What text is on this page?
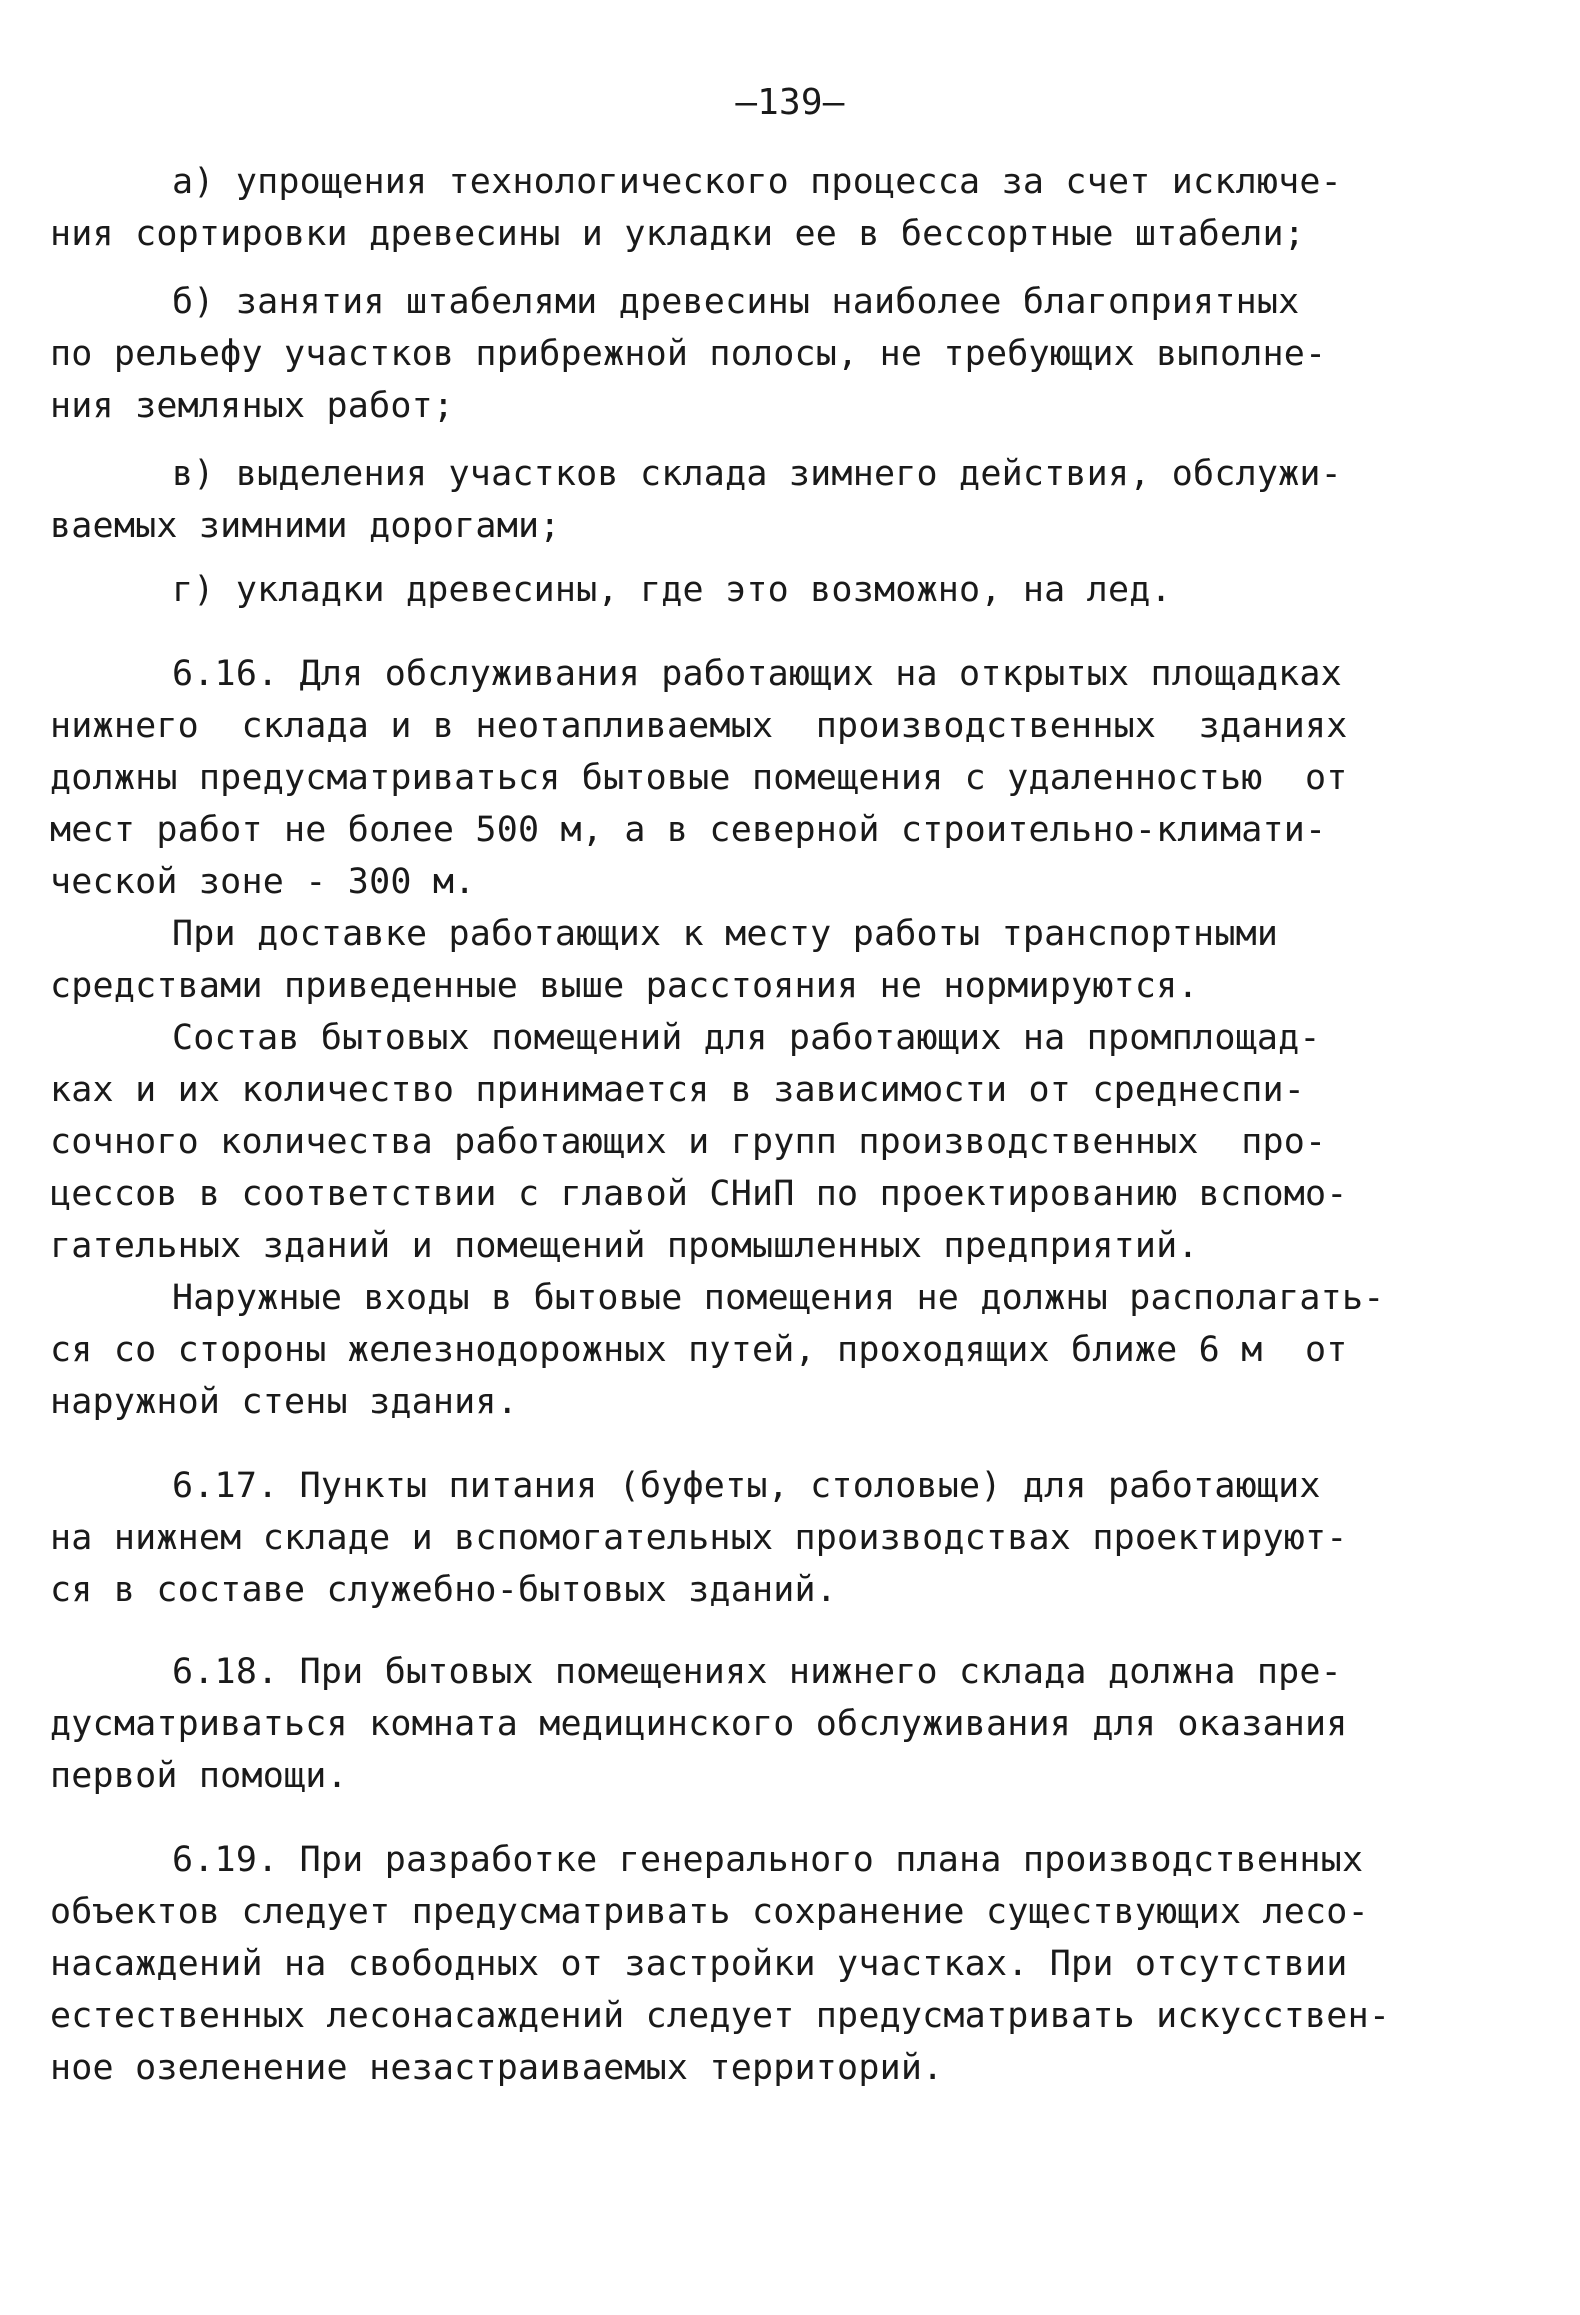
—139—
а) упрощения технологического процесса за счет исключе-
ния сортировки древесины и укладки ее в бессортные штабели;
б) занятия штабелями древесины наиболее благоприятных
по рельефу участков прибрежной полосы, не требующих выполне-
ния земляных работ;
в) выделения участков склада зимнего действия, обслужи-
ваемых зимними дорогами;
г) укладки древесины, где это возможно, на лед.
6.16. Для обслуживания работающих на открытых площадках
нижнего  склада и в неотапливаемых  производственных  зданиях
должны предусматриваться бытовые помещения с удаленностью  от
мест работ не более 500 м, а в северной строительно-климати-
ческой зоне - 300 м.
При доставке работающих к месту работы транспортными
средствами приведенные выше расстояния не нормируются.
Состав бытовых помещений для работающих на промплощад-
ках и их количество принимается в зависимости от среднеспи-
сочного количества работающих и групп производственных  про-
цессов в соответствии с главой СНиП по проектированию вспомо-
гательных зданий и помещений промышленных предприятий.
Наружные входы в бытовые помещения не должны располагать-
ся со стороны железнодорожных путей, проходящих ближе 6 м  от
наружной стены здания.
6.17. Пункты питания (буфеты, столовые) для работающих
на нижнем складе и вспомогательных производствах проектируют-
ся в составе служебно-бытовых зданий.
6.18. При бытовых помещениях нижнего склада должна пре-
дусматриваться комната медицинского обслуживания для оказания
первой помощи.
6.19. При разработке генерального плана производственных
объектов следует предусматривать сохранение существующих лесо-
насаждений на свободных от застройки участках. При отсутствии
естественных лесонасаждений следует предусматривать искусствен-
ное озеленение незастраиваемых территорий.
